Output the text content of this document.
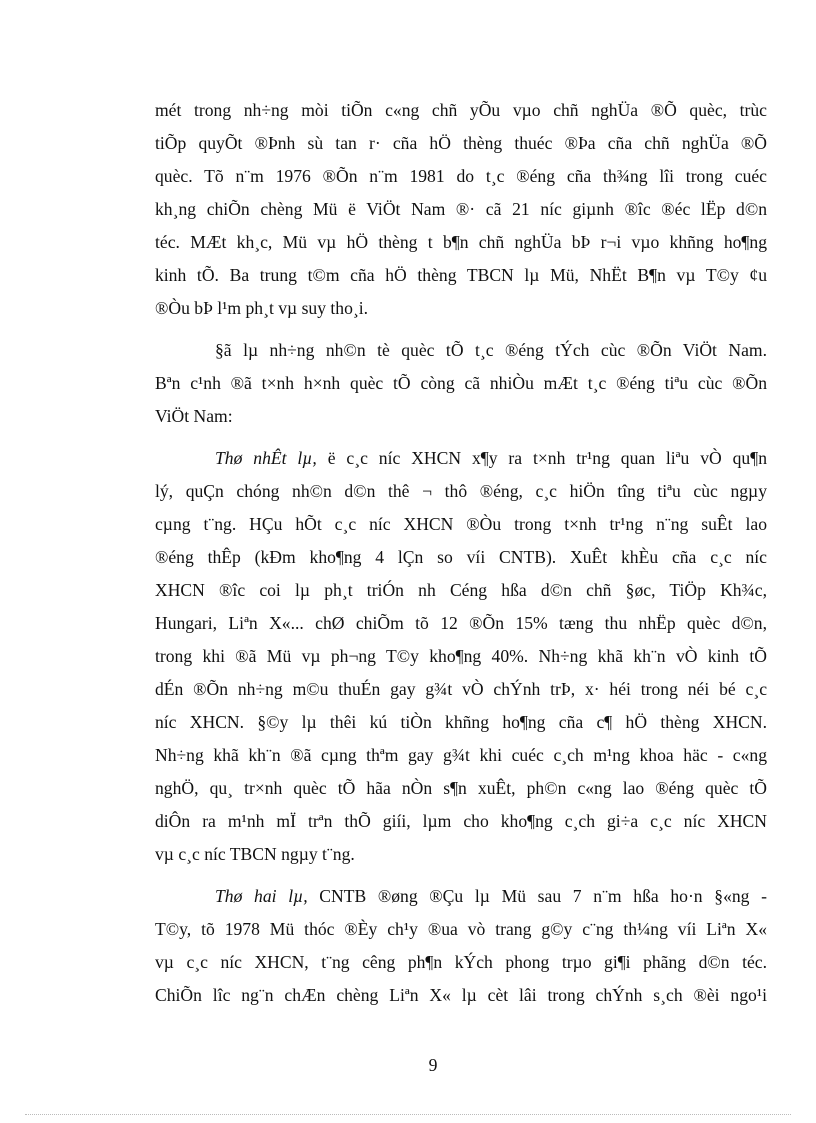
mét trong nh÷ng mòi tiÕn c«ng chñ yÕu vµo chñ nghÜa ®Õ quèc, trùc
tiÕp quyÕt ®Þnh sù tan r· cña hÖ thèng thuéc ®Þa cña chñ nghÜa ®Õ
quèc. Tõ n¨m 1976 ®Õn n¨m 1981 do t¸c ®éng cña th¾ng lîi trong cuéc
kh¸ng chiÕn chèng Mü ë ViÖt Nam ®· cã 21 níc giµnh ®îc ®éc lËp d©n
téc. MÆt kh¸c, Mü vµ hÖ thèng t b¶n chñ nghÜa bÞ r¬i vµo khñng ho¶ng
kinh tÕ. Ba trung t©m cña hÖ thèng TBCN lµ Mü, NhËt B¶n vµ T©y ¢u
®Òu bÞ l¹m ph¸t vµ suy tho¸i.
§ã lµ nh÷ng nh©n tè quèc tÕ t¸c ®éng tÝch cùc ®Õn ViÖt Nam.
Bªn c¹nh ®ã t×nh h×nh quèc tÕ còng cã nhiÒu mÆt t¸c ®éng tiªu cùc ®Õn
ViÖt Nam:
Thø nhÊt lµ, ë c¸c níc XHCN x¶y ra t×nh tr¹ng quan liªu vÒ qu¶n
lý, quÇn chóng nh©n d©n thê ¬ thô ®éng, c¸c hiÖn tîng tiªu cùc ngµy
cµng t¨ng. HÇu hÕt c¸c níc XHCN ®Òu trong t×nh tr¹ng n¨ng suÊt lao
®éng thÊp (kÐm kho¶ng 4 lÇn so víi CNTB). XuÊt khÈu cña c¸c níc
XHCN ®îc coi lµ ph¸t triÓn nh Céng hßa d©n chñ §øc, TiÖp Kh¾c,
Hungari, Liªn X«... chØ chiÕm tõ 12 ®Õn 15% tæng thu nhËp quèc d©n,
trong khi ®ã Mü vµ ph¬ng T©y kho¶ng 40%. Nh÷ng khã kh¨n vÒ kinh tÕ
dÉn ®Õn nh÷ng m©u thuÉn gay g¾t vÒ chÝnh trÞ, x· héi trong néi bé c¸c
níc XHCN. §©y lµ thêi kú tiÒn khñng ho¶ng cña c¶ hÖ thèng XHCN.
Nh÷ng khã kh¨n ®ã cµng thªm gay g¾t khi cuéc c¸ch m¹ng khoa häc - c«ng
nghÖ, qu¸ tr×nh quèc tÕ hãa nÒn s¶n xuÊt, ph©n c«ng lao ®éng quèc tÕ
diÔn ra m¹nh mÏ trªn thÕ giíi, lµm cho kho¶ng c¸ch gi÷a c¸c níc XHCN
vµ c¸c níc TBCN ngµy t¨ng.
Thø hai lµ, CNTB ®øng ®Çu lµ Mü sau 7 n¨m hßa ho·n §«ng -
T©y, tõ 1978 Mü thóc ®Èy ch¹y ®ua vò trang g©y c¨ng th¼ng víi Liªn X«
vµ c¸c níc XHCN, t¨ng cêng ph¶n kÝch phong trµo gi¶i phãng d©n téc.
ChiÕn lîc ng¨n chÆn chèng Liªn X« lµ cèt lâi trong chÝnh s¸ch ®èi ngo¹i
9
